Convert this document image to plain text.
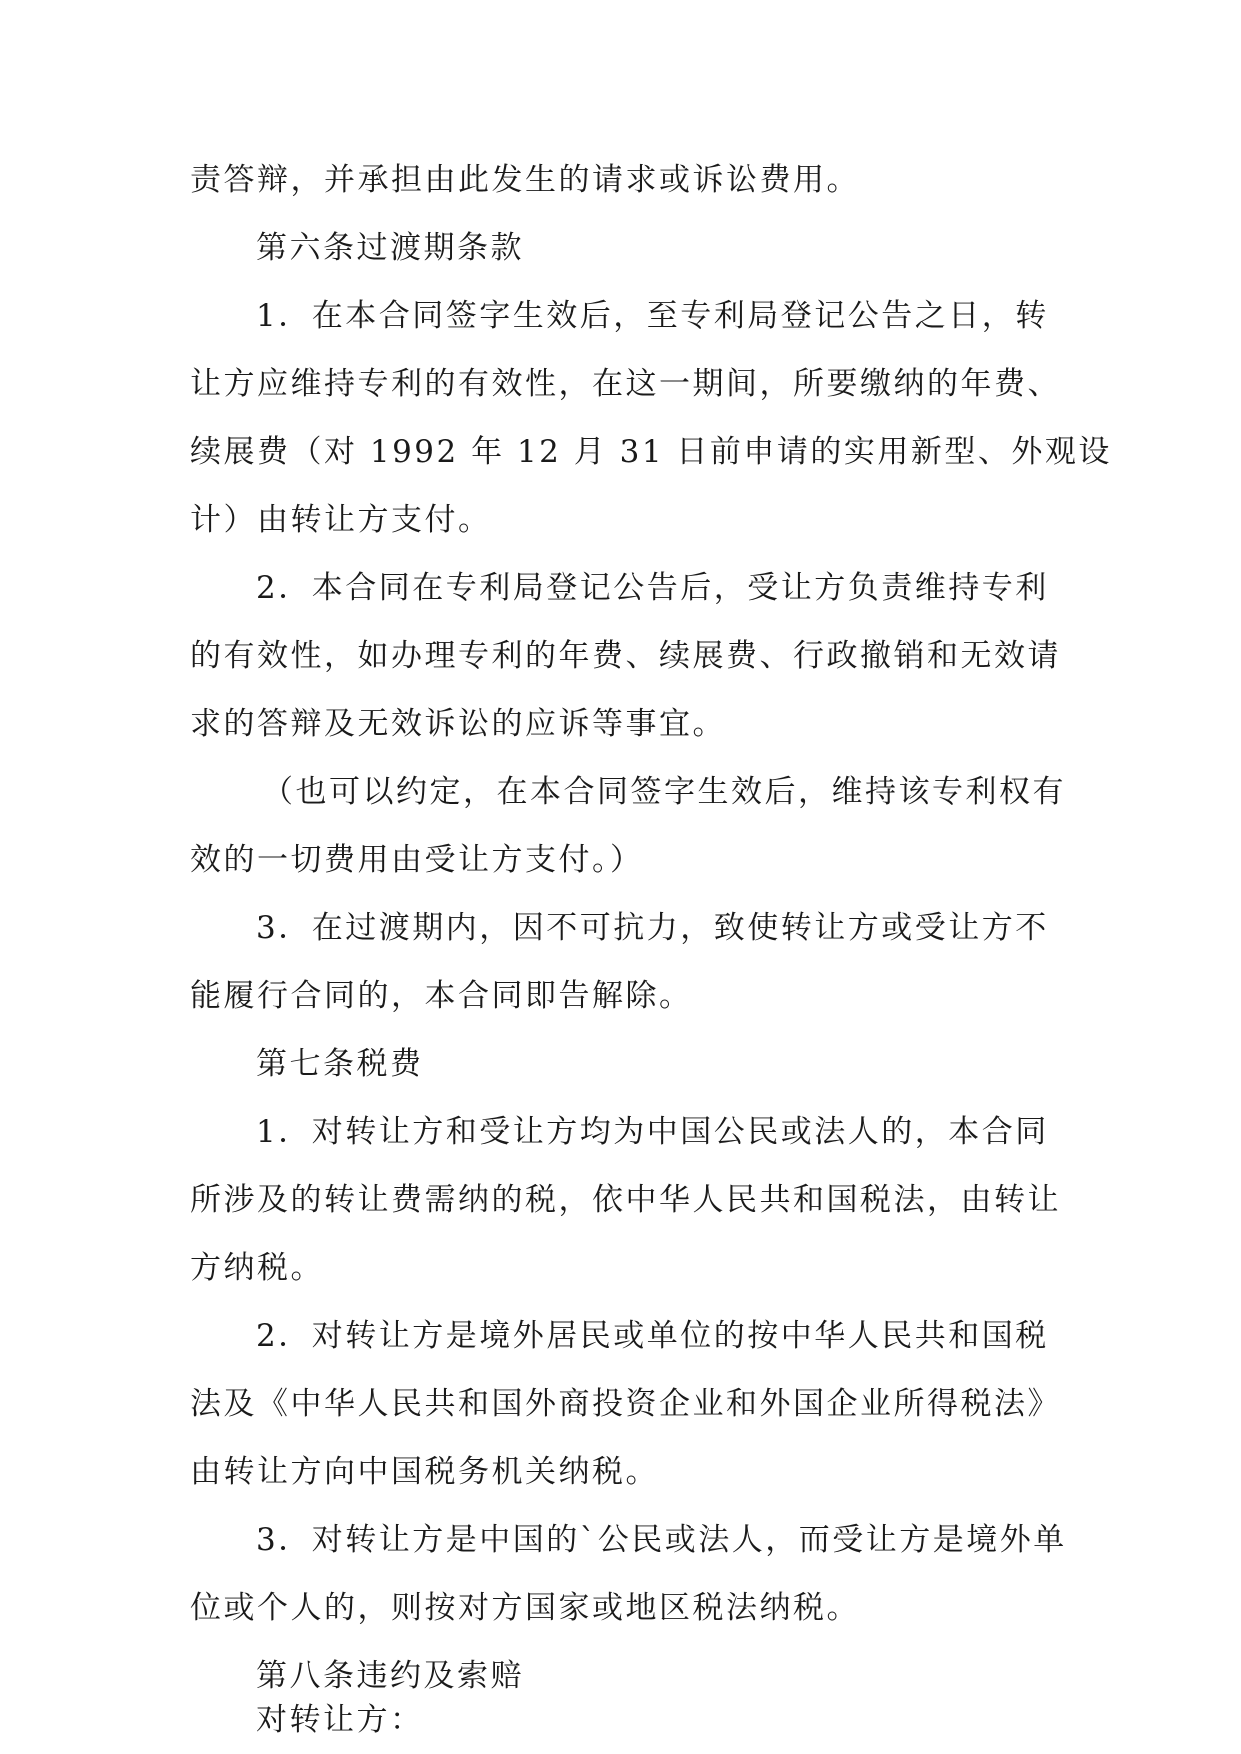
责答辩，并承担由此发生的请求或诉讼费用。
第六条过渡期条款
1．在本合同签字生效后，至专利局登记公告之日，转
让方应维持专利的有效性，在这一期间，所要缴纳的年费、
续展费（对 1992 年 12 月 31 日前申请的实用新型、外观设
计）由转让方支付。
2．本合同在专利局登记公告后，受让方负责维持专利
的有效性，如办理专利的年费、续展费、行政撤销和无效请
求的答辩及无效诉讼的应诉等事宜。
（也可以约定，在本合同签字生效后，维持该专利权有
效的一切费用由受让方支付。）
3．在过渡期内，因不可抗力，致使转让方或受让方不
能履行合同的，本合同即告解除。
第七条税费
1．对转让方和受让方均为中国公民或法人的，本合同
所涉及的转让费需纳的税，依中华人民共和国税法，由转让
方纳税。
2．对转让方是境外居民或单位的按中华人民共和国税
法及《中华人民共和国外商投资企业和外国企业所得税法》
由转让方向中国税务机关纳税。
3．对转让方是中国的`公民或法人，而受让方是境外单
位或个人的，则按对方国家或地区税法纳税。
第八条违约及索赔
对转让方：
